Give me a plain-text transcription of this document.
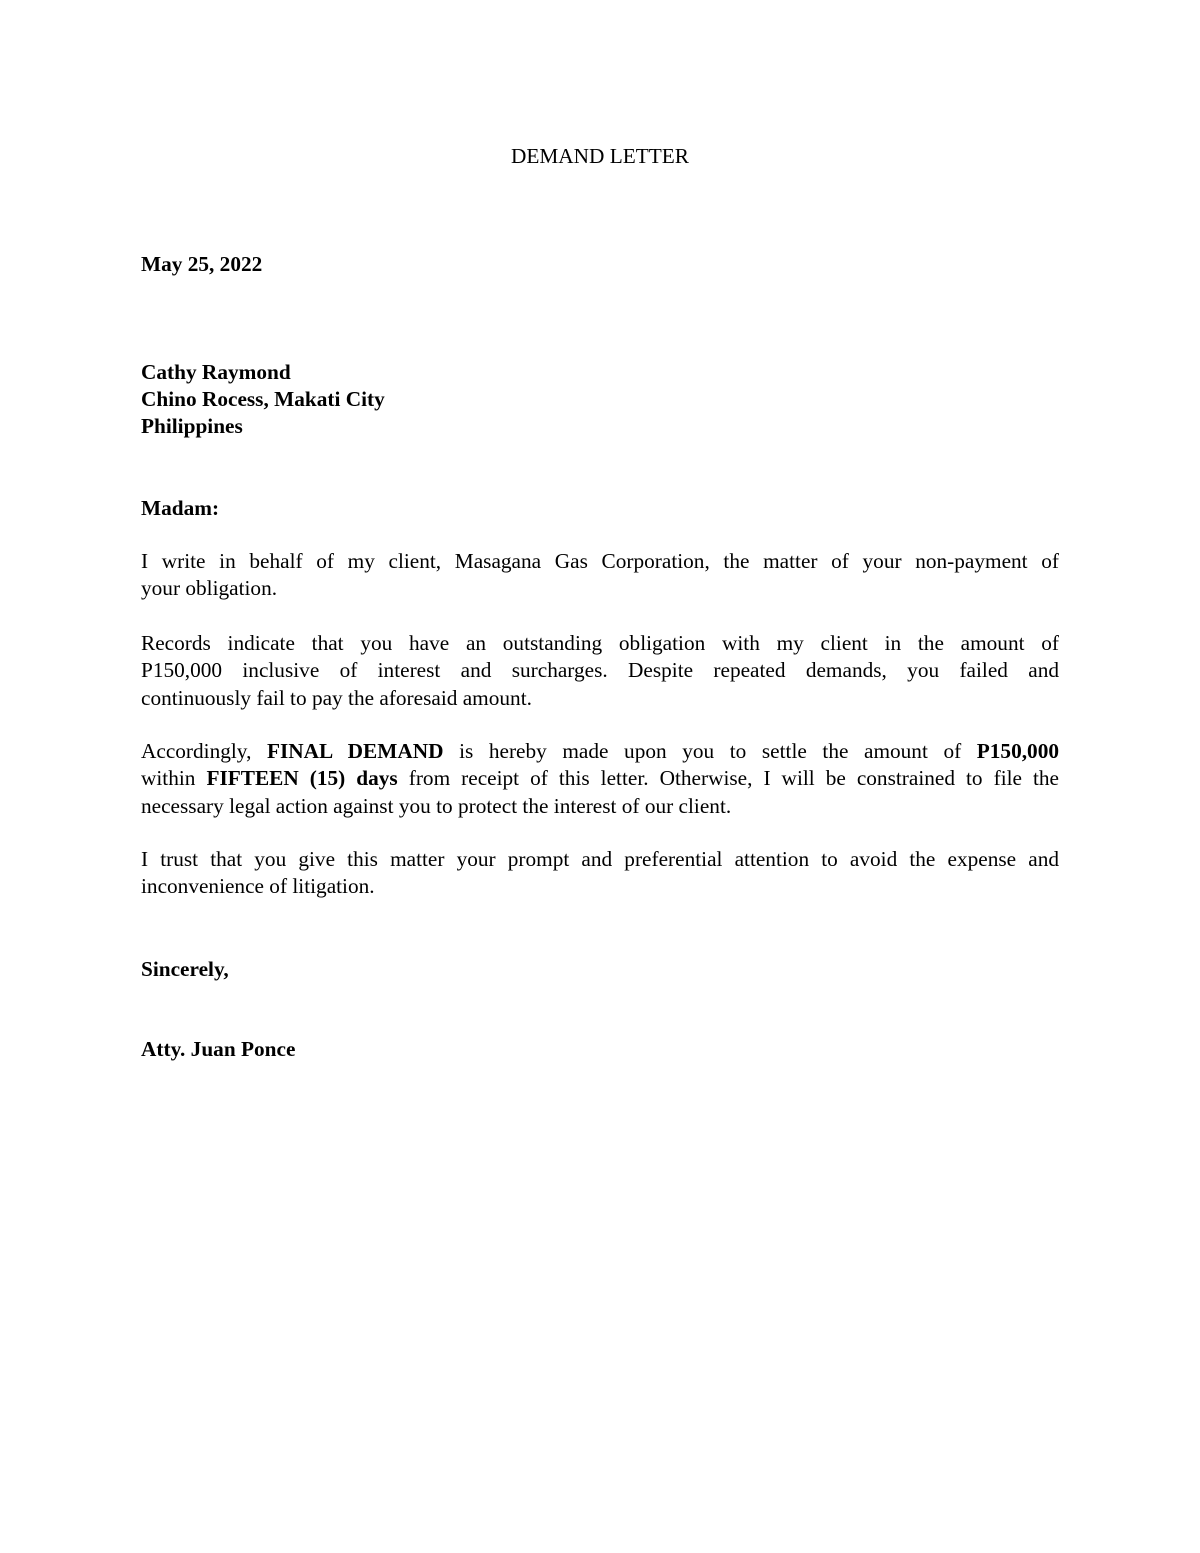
DEMAND LETTER
May 25, 2022
Cathy Raymond
Chino Rocess, Makati City
Philippines
Madam:
I write in behalf of my client, Masagana Gas Corporation, the matter of your non-payment of
your obligation.
Records indicate that you have an outstanding obligation with my client in the amount of
P150,000 inclusive of interest and surcharges. Despite repeated demands, you failed and
continuously fail to pay the aforesaid amount.
Accordingly, FINAL DEMAND is hereby made upon you to settle the amount of P150,000
within FIFTEEN (15) days from receipt of this letter. Otherwise, I will be constrained to file the
necessary legal action against you to protect the interest of our client.
I trust that you give this matter your prompt and preferential attention to avoid the expense and
inconvenience of litigation.
Sincerely,
Atty. Juan Ponce
